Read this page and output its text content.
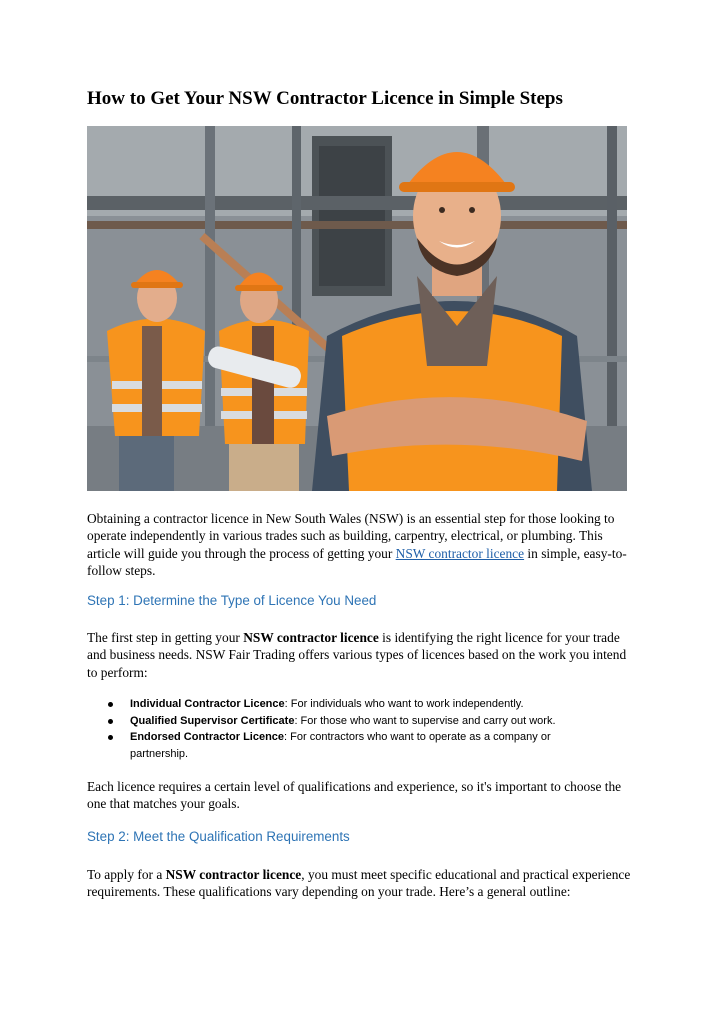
How to Get Your NSW Contractor Licence in Simple Steps

Obtaining a contractor licence in New South Wales (NSW) is an essential step for those looking to operate independently in various trades such as building, carpentry, electrical, or plumbing. This article will guide you through the process of getting your NSW contractor licence in simple, easy-to-follow steps.

Step 1: Determine the Type of Licence You Need

The first step in getting your NSW contractor licence is identifying the right licence for your trade and business needs. NSW Fair Trading offers various types of licences based on the work you intend to perform:

Individual Contractor Licence: For individuals who want to work independently.
Qualified Supervisor Certificate: For those who want to supervise and carry out work.
Endorsed Contractor Licence: For contractors who want to operate as a company or partnership.

Each licence requires a certain level of qualifications and experience, so it's important to choose the one that matches your goals.

Step 2: Meet the Qualification Requirements

To apply for a NSW contractor licence, you must meet specific educational and practical experience requirements. These qualifications vary depending on your trade. Here’s a general outline:
